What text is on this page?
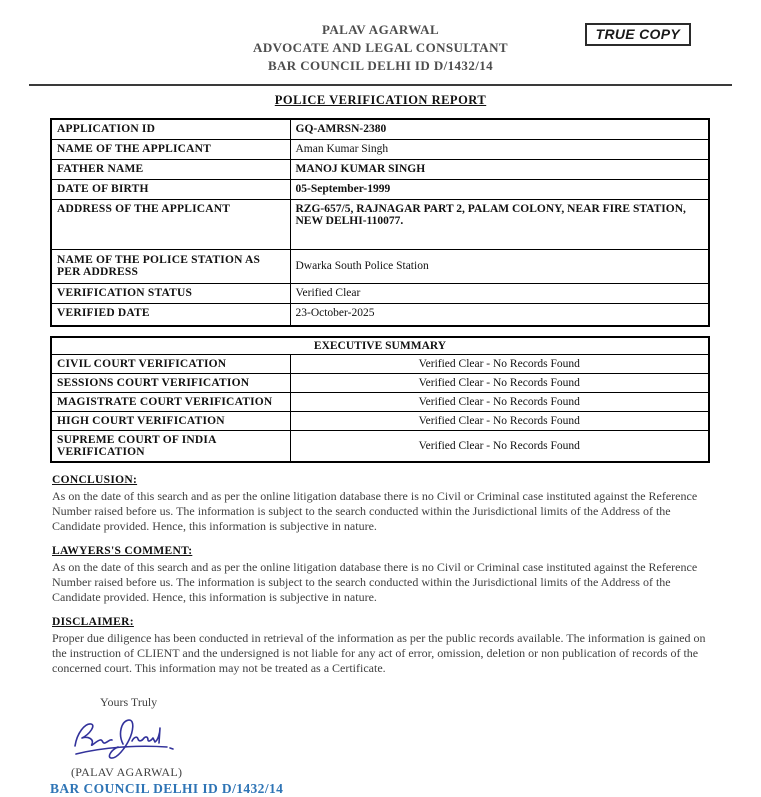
PALAV AGARWAL
ADVOCATE AND LEGAL CONSULTANT
BAR COUNCIL DELHI ID D/1432/14
TRUE COPY
POLICE VERIFICATION REPORT
APPLICATION ID	GQ-AMRSN-2380
NAME OF THE APPLICANT	Aman Kumar Singh
FATHER NAME	MANOJ KUMAR SINGH
DATE OF BIRTH	05-September-1999
ADDRESS OF THE APPLICANT	RZG-657/5, RAJNAGAR PART 2, PALAM COLONY, NEAR FIRE STATION, NEW DELHI-110077.
NAME OF THE POLICE STATION AS PER ADDRESS	Dwarka South Police Station
VERIFICATION STATUS	Verified Clear
VERIFIED DATE	23-October-2025
EXECUTIVE SUMMARY	
CIVIL COURT VERIFICATION	Verified Clear - No Records Found
SESSIONS COURT VERIFICATION	Verified Clear - No Records Found
MAGISTRATE COURT VERIFICATION	Verified Clear - No Records Found
HIGH COURT VERIFICATION	Verified Clear - No Records Found
SUPREME COURT OF INDIA VERIFICATION	Verified Clear - No Records Found
CONCLUSION:

As on the date of this search and as per the online litigation database there is no Civil or Criminal case instituted against the Reference Number raised before us. The information is subject to the search conducted within the Jurisdictional limits of the Address of the Candidate provided. Hence, this information is subjective in nature.

LAWYERS'S COMMENT:

As on the date of this search and as per the online litigation database there is no Civil or Criminal case instituted against the Reference Number raised before us. The information is subject to the search conducted within the Jurisdictional limits of the Address of the Candidate provided. Hence, this information is subjective in nature.

DISCLAIMER:

Proper due diligence has been conducted in retrieval of the information as per the public records available. The information is gained on the instruction of CLIENT and the undersigned is not liable for any act of error, omission, deletion or non publication of records of the concerned court. This information may not be treated as a Certificate.

Yours Truly
(PALAV AGARWAL)
BAR COUNCIL DELHI ID D/1432/14
